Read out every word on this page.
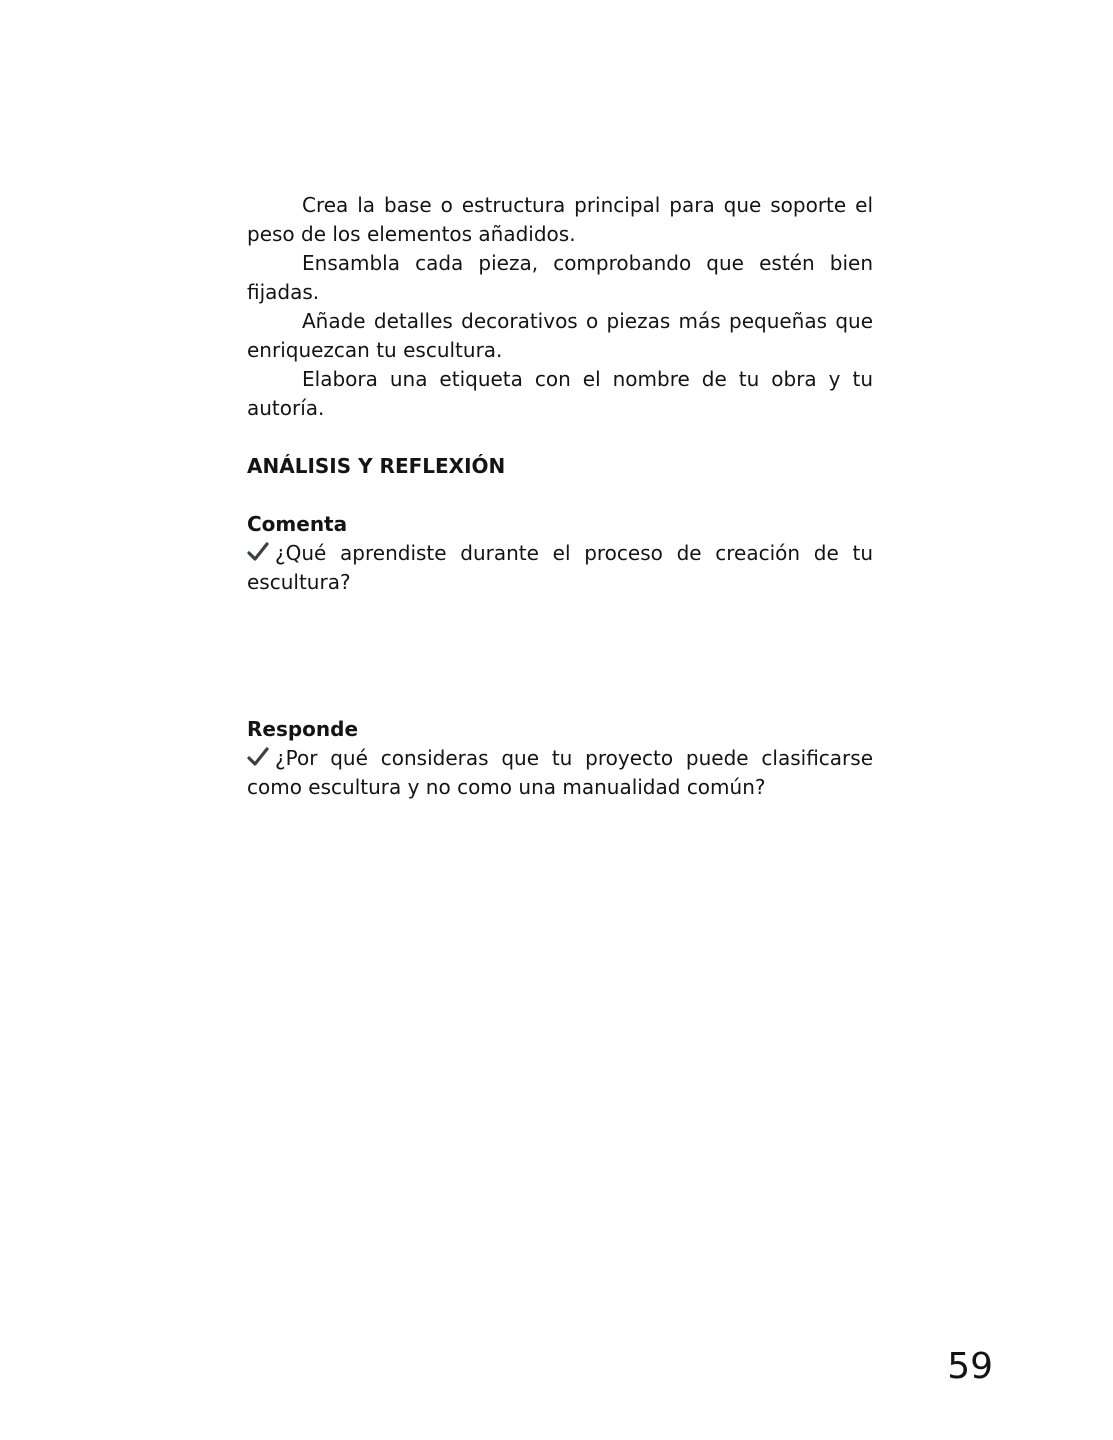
Crea la base o estructura principal para que soporte el peso de los elementos añadidos.

Ensambla cada pieza, comprobando que estén bien fijadas.

Añade detalles decorativos o piezas más pequeñas que enriquezcan tu escultura.

Elabora una etiqueta con el nombre de tu obra y tu autoría.

ANÁLISIS Y REFLEXIÓN
Comenta

¿Qué aprendiste durante el proceso de creación de tu escultura?

Responde

¿Por qué consideras que tu proyecto puede clasificarse como escultura y no como una manualidad común?

59
